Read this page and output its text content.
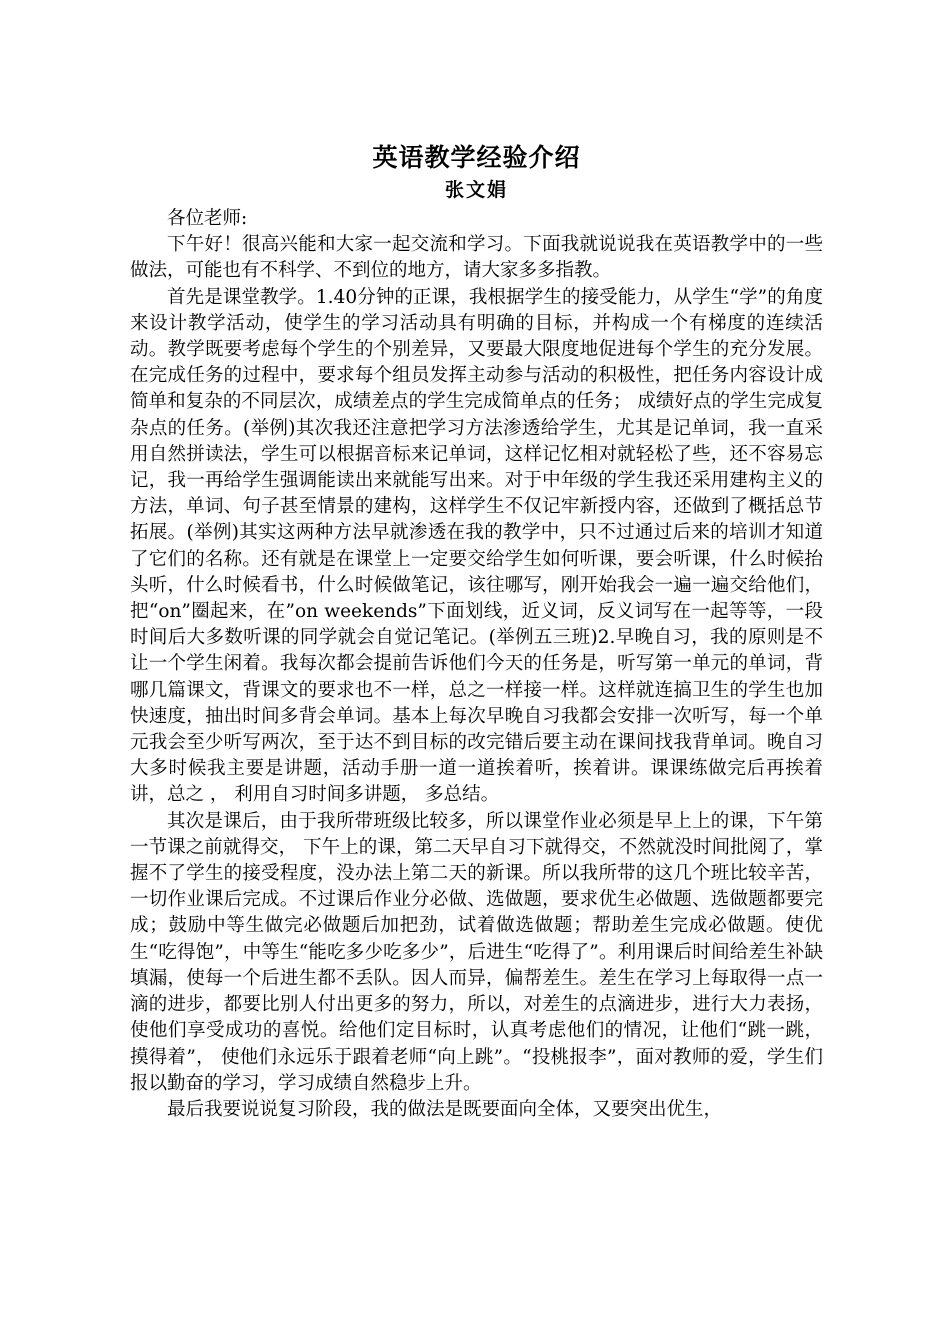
英语教学经验介绍
张文娟

各位老师:

下午好！很高兴能和大家一起交流和学习。下面我就说说我在英语教学中的一些做法，可能也有不科学、不到位的地方，请大家多多指教。

首先是课堂教学。1.40分钟的正课，我根据学生的接受能力，从学生“学”的角度来设计教学活动，使学生的学习活动具有明确的目标，并构成一个有梯度的连续活动。教学既要考虑每个学生的个别差异，又要最大限度地促进每个学生的充分发展。在完成任务的过程中，要求每个组员发挥主动参与活动的积极性，把任务内容设计成简单和复杂的不同层次，成绩差点的学生完成简单点的任务； 成绩好点的学生完成复杂点的任务。(举例)其次我还注意把学习方法渗透给学生，尤其是记单词，我一直采用自然拼读法，学生可以根据音标来记单词，这样记忆相对就轻松了些，还不容易忘记，我一再给学生强调能读出来就能写出来。对于中年级的学生我还采用建构主义的方法，单词、句子甚至情景的建构，这样学生不仅记牢新授内容，还做到了概括总节拓展。(举例)其实这两种方法早就渗透在我的教学中，只不过通过后来的培训才知道了它们的名称。还有就是在课堂上一定要交给学生如何听课，要会听课，什么时候抬头听，什么时候看书，什么时候做笔记，该往哪写，刚开始我会一遍一遍交给他们，把“on”圈起来，在”on weekends”下面划线，近义词，反义词写在一起等等，一段时间后大多数听课的同学就会自觉记笔记。(举例五三班)2.早晚自习，我的原则是不让一个学生闲着。我每次都会提前告诉他们今天的任务是，听写第一单元的单词，背哪几篇课文，背课文的要求也不一样，总之一样接一样。这样就连搞卫生的学生也加快速度，抽出时间多背会单词。基本上每次早晚自习我都会安排一次听写，每一个单元我会至少听写两次，至于达不到目标的改完错后要主动在课间找我背单词。晚自习大多时候我主要是讲题，活动手册一道一道挨着听，挨着讲。课课练做完后再挨着讲，总之 ， 利用自习时间多讲题， 多总结。

其次是课后，由于我所带班级比较多，所以课堂作业必须是早上上的课，下午第一节课之前就得交， 下午上的课，第二天早自习下就得交，不然就没时间批阅了，掌握不了学生的接受程度，没办法上第二天的新课。所以我所带的这几个班比较辛苦，一切作业课后完成。不过课后作业分必做、选做题，要求优生必做题、选做题都要完成；鼓励中等生做完必做题后加把劲，试着做选做题；帮助差生完成必做题。使优生“吃得饱”，中等生“能吃多少吃多少”，后进生“吃得了”。利用课后时间给差生补缺填漏，使每一个后进生都不丢队。因人而异，偏帮差生。差生在学习上每取得一点一滴的进步，都要比别人付出更多的努力，所以，对差生的点滴进步，进行大力表扬，使他们享受成功的喜悦。给他们定目标时，认真考虑他们的情况，让他们“跳一跳，摸得着”， 使他们永远乐于跟着老师“向上跳”。“投桃报李”，面对教师的爱，学生们报以勤奋的学习，学习成绩自然稳步上升。

最后我要说说复习阶段，我的做法是既要面向全体，又要突出优生，
